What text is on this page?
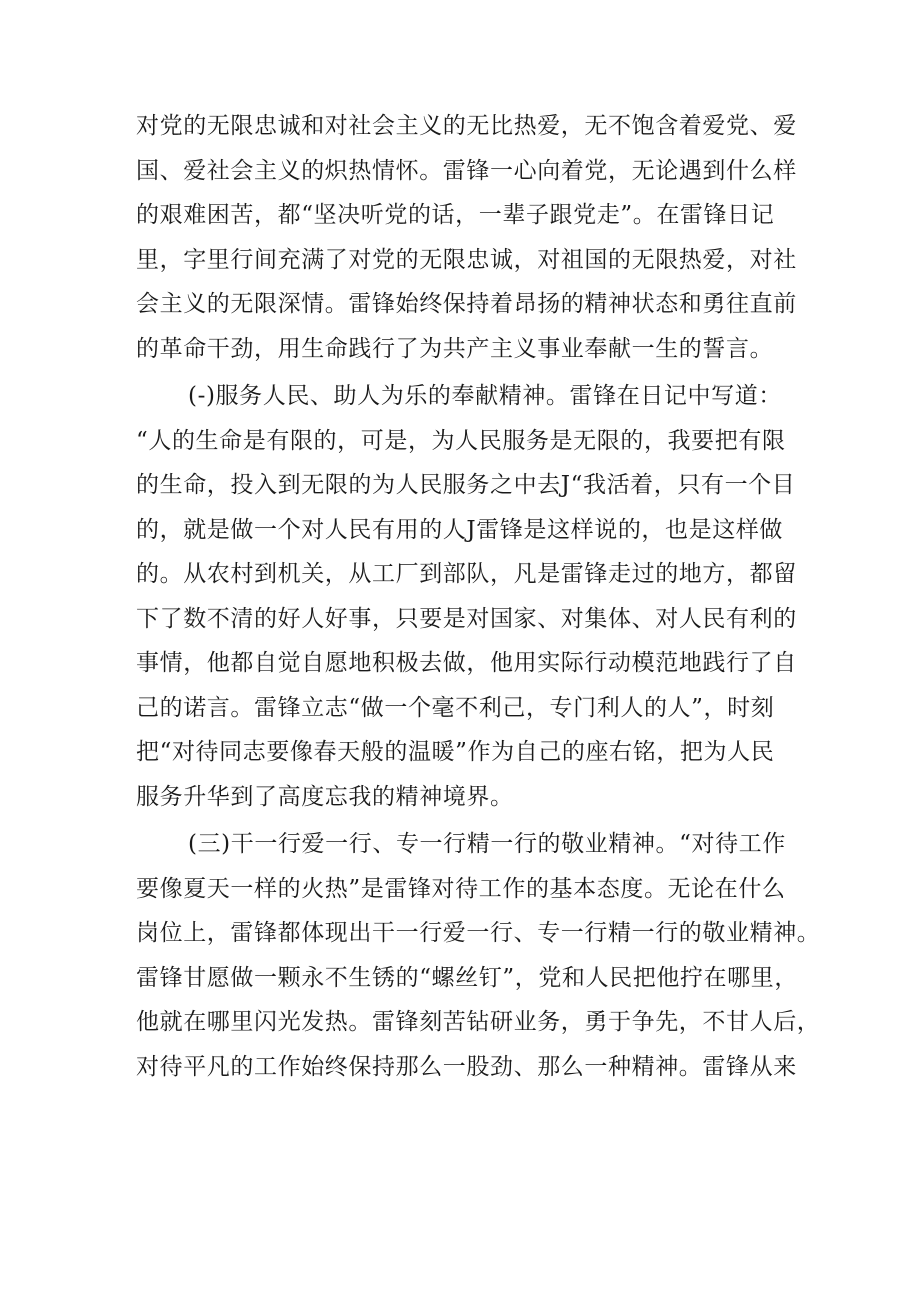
对党的无限忠诚和对社会主义的无比热爱，无不饱含着爱党、爱
国、爱社会主义的炽热情怀。雷锋一心向着党，无论遇到什么样
的艰难困苦，都“坚决听党的话，一辈子跟党走”。在雷锋日记
里，字里行间充满了对党的无限忠诚，对祖国的无限热爱，对社
会主义的无限深情。雷锋始终保持着昂扬的精神状态和勇往直前
的革命干劲，用生命践行了为共产主义事业奉献一生的誓言。
(-)服务人民、助人为乐的奉献精神。雷锋在日记中写道：
“人的生命是有限的，可是，为人民服务是无限的，我要把有限
的生命，投入到无限的为人民服务之中去J“我活着，只有一个目
的，就是做一个对人民有用的人J雷锋是这样说的，也是这样做
的。从农村到机关，从工厂到部队，凡是雷锋走过的地方，都留
下了数不清的好人好事，只要是对国家、对集体、对人民有利的
事情，他都自觉自愿地积极去做，他用实际行动模范地践行了自
己的诺言。雷锋立志“做一个毫不利己，专门利人的人”，时刻
把“对待同志要像春天般的温暖”作为自己的座右铭，把为人民
服务升华到了高度忘我的精神境界。
(三)干一行爱一行、专一行精一行的敬业精神。“对待工作
要像夏天一样的火热”是雷锋对待工作的基本态度。无论在什么
岗位上，雷锋都体现出干一行爱一行、专一行精一行的敬业精神。
雷锋甘愿做一颗永不生锈的“螺丝钉”，党和人民把他拧在哪里，
他就在哪里闪光发热。雷锋刻苦钻研业务，勇于争先，不甘人后，
对待平凡的工作始终保持那么一股劲、那么一种精神。雷锋从来
